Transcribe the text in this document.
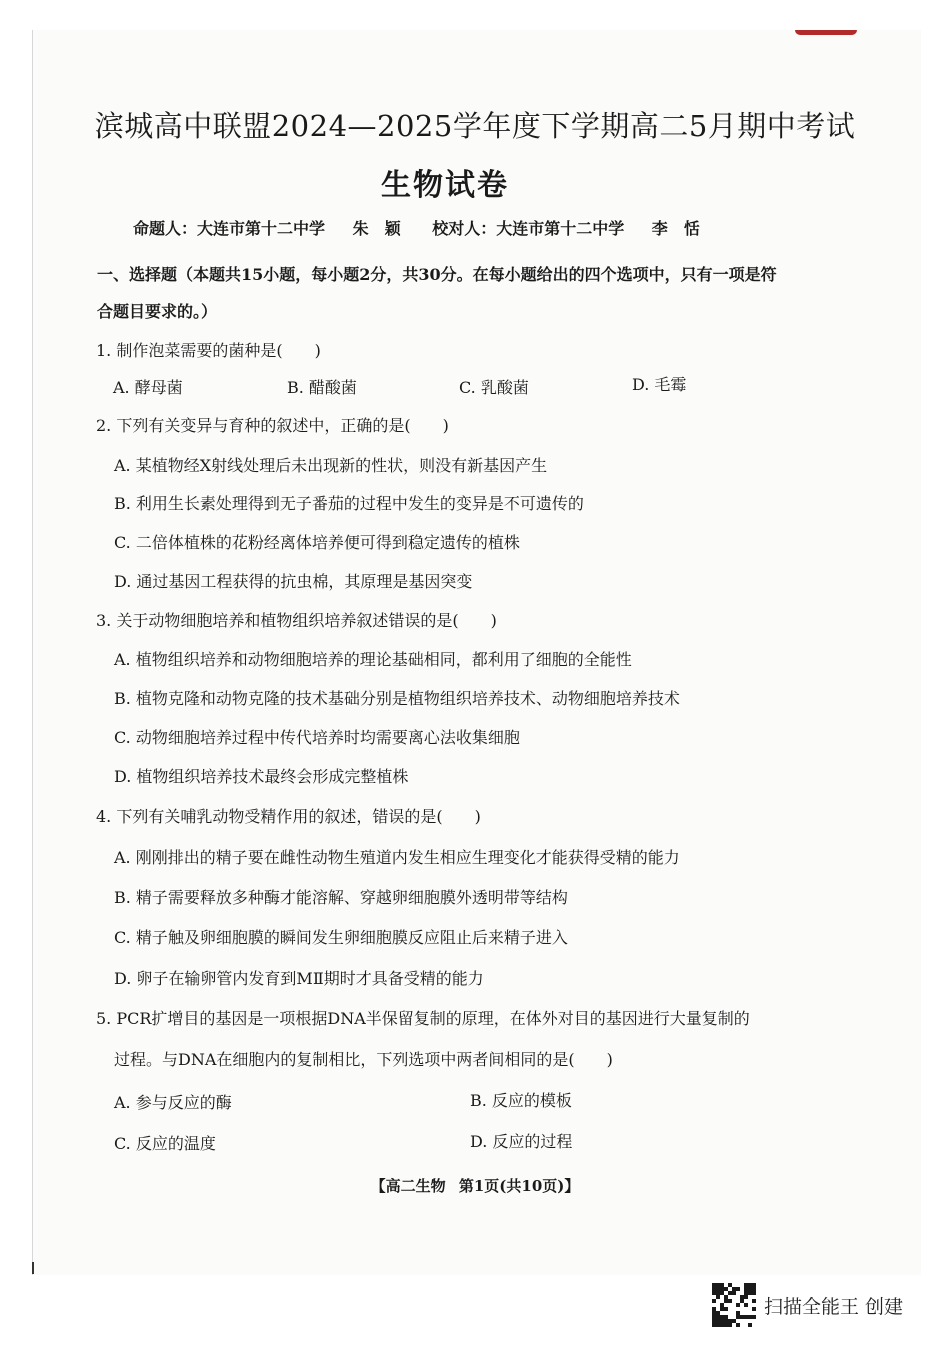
滨城高中联盟2024—2025学年度下学期高二5月期中考试
生物试卷
命题人：大连市第十二中学 朱　颖 校对人：大连市第十二中学 李　恬
一、选择题（本题共15小题，每小题2分，共30分。在每小题给出的四个选项中，只有一项是符
合题目要求的。）
1. 制作泡菜需要的菌种是(　　)
A. 酵母菌	B. 醋酸菌	C. 乳酸菌	D. 毛霉
2. 下列有关变异与育种的叙述中，正确的是(　　)
A. 某植物经X射线处理后未出现新的性状，则没有新基因产生
B. 利用生长素处理得到无子番茄的过程中发生的变异是不可遗传的
C. 二倍体植株的花粉经离体培养便可得到稳定遗传的植株
D. 通过基因工程获得的抗虫棉，其原理是基因突变
3. 关于动物细胞培养和植物组织培养叙述错误的是(　　)
A. 植物组织培养和动物细胞培养的理论基础相同，都利用了细胞的全能性
B. 植物克隆和动物克隆的技术基础分别是植物组织培养技术、动物细胞培养技术
C. 动物细胞培养过程中传代培养时均需要离心法收集细胞
D. 植物组织培养技术最终会形成完整植株
4. 下列有关哺乳动物受精作用的叙述，错误的是(　　)
A. 刚刚排出的精子要在雌性动物生殖道内发生相应生理变化才能获得受精的能力
B. 精子需要释放多种酶才能溶解、穿越卵细胞膜外透明带等结构
C. 精子触及卵细胞膜的瞬间发生卵细胞膜反应阻止后来精子进入
D. 卵子在输卵管内发育到MⅡ期时才具备受精的能力
5. PCR扩增目的基因是一项根据DNA半保留复制的原理，在体外对目的基因进行大量复制的
过程。与DNA在细胞内的复制相比，下列选项中两者间相同的是(　　)
A. 参与反应的酶	B. 反应的模板
C. 反应的温度	D. 反应的过程
【高二生物 第1页(共10页)】
扫描全能王 创建
